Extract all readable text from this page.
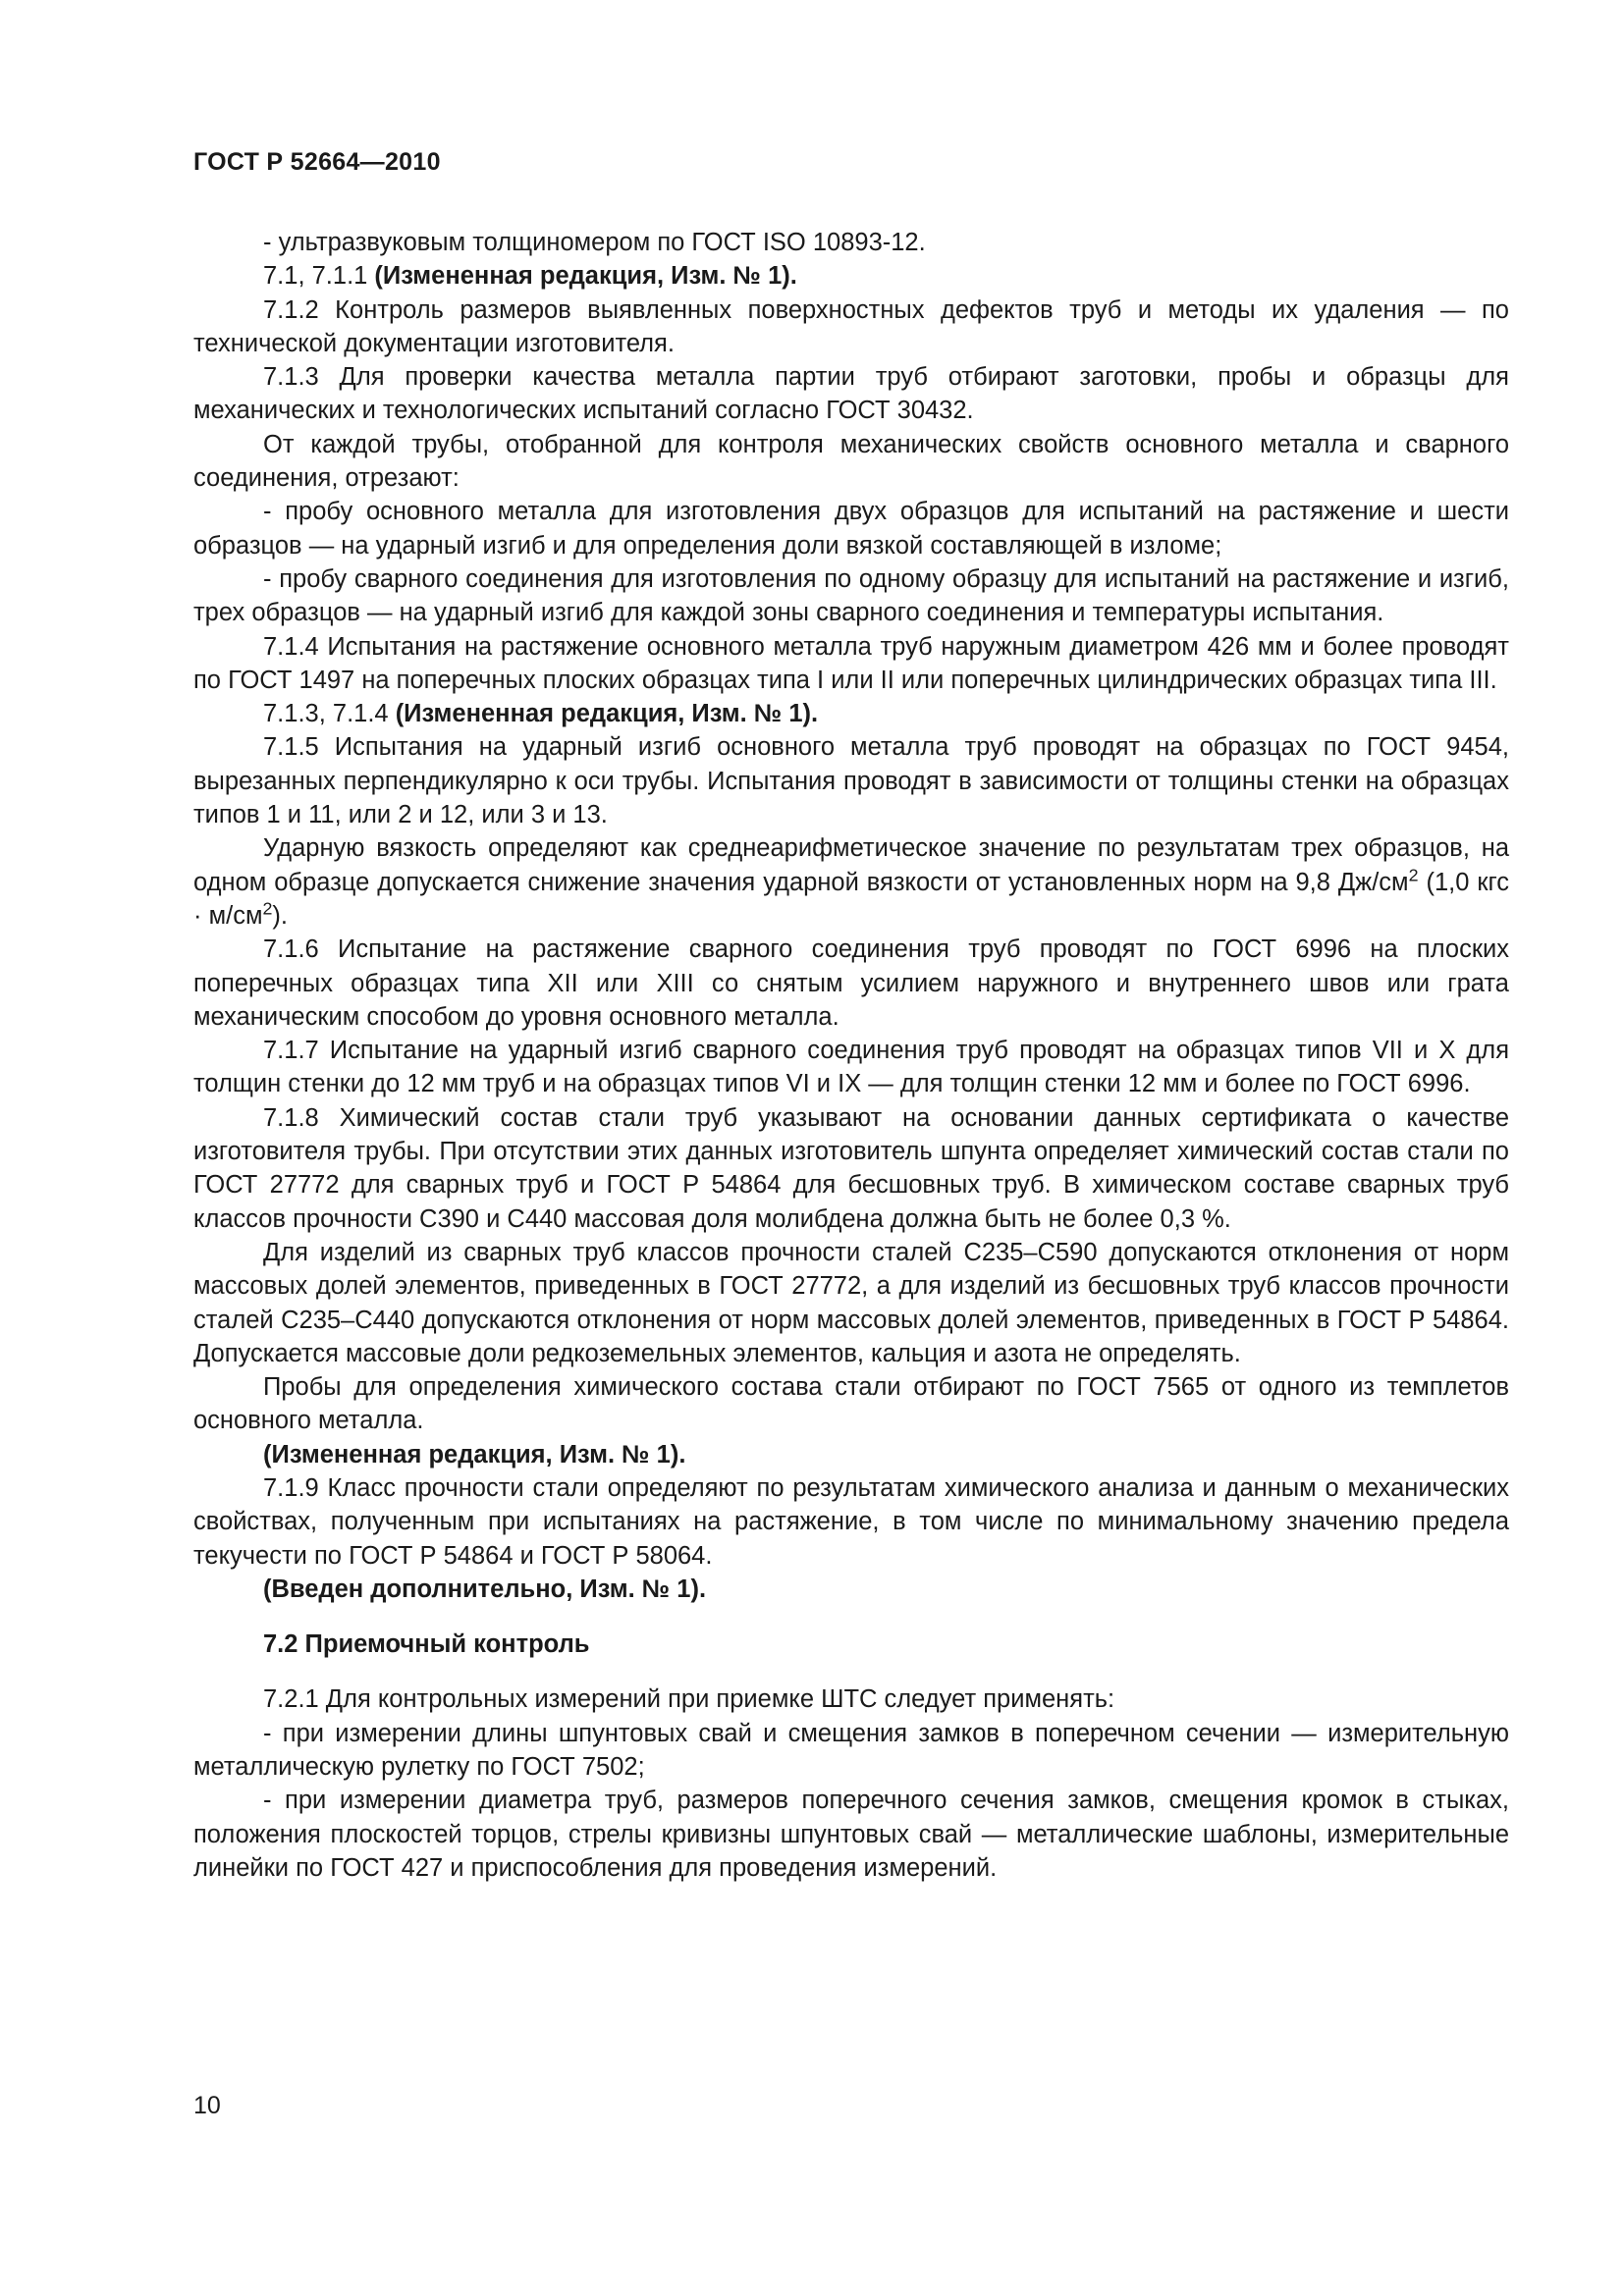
ГОСТ Р 52664—2010

- ультразвуковым толщиномером по ГОСТ ISO 10893-12.

7.1, 7.1.1 (Измененная редакция, Изм. № 1).

7.1.2 Контроль размеров выявленных поверхностных дефектов труб и методы их удаления — по технической документации изготовителя.

7.1.3 Для проверки качества металла партии труб отбирают заготовки, пробы и образцы для механических и технологических испытаний согласно ГОСТ 30432.

От каждой трубы, отобранной для контроля механических свойств основного металла и сварного соединения, отрезают:

- пробу основного металла для изготовления двух образцов для испытаний на растяжение и шести образцов — на ударный изгиб и для определения доли вязкой составляющей в изломе;

- пробу сварного соединения для изготовления по одному образцу для испытаний на растяжение и изгиб, трех образцов — на ударный изгиб для каждой зоны сварного соединения и температуры испытания.

7.1.4 Испытания на растяжение основного металла труб наружным диаметром 426 мм и более проводят по ГОСТ 1497 на поперечных плоских образцах типа I или II или поперечных цилиндрических образцах типа III.

7.1.3, 7.1.4 (Измененная редакция, Изм. № 1).

7.1.5 Испытания на ударный изгиб основного металла труб проводят на образцах по ГОСТ 9454, вырезанных перпендикулярно к оси трубы. Испытания проводят в зависимости от толщины стенки на образцах типов 1 и 11, или 2 и 12, или 3 и 13.

Ударную вязкость определяют как среднеарифметическое значение по результатам трех образцов, на одном образце допускается снижение значения ударной вязкости от установленных норм на 9,8 $Дж/см^2$ (1,0 кгс · $м/см^2$).

7.1.6 Испытание на растяжение сварного соединения труб проводят по ГОСТ 6996 на плоских поперечных образцах типа XII или XIII со снятым усилием наружного и внутреннего швов или грата механическим способом до уровня основного металла.

7.1.7 Испытание на ударный изгиб сварного соединения труб проводят на образцах типов VII и X для толщин стенки до 12 мм труб и на образцах типов VI и IX — для толщин стенки 12 мм и более по ГОСТ 6996.

7.1.8 Химический состав стали труб указывают на основании данных сертификата о качестве изготовителя трубы. При отсутствии этих данных изготовитель шпунта определяет химический состав стали по ГОСТ 27772 для сварных труб и ГОСТ Р 54864 для бесшовных труб. В химическом составе сварных труб классов прочности С390 и С440 массовая доля молибдена должна быть не более 0,3 %.

Для изделий из сварных труб классов прочности сталей С235–С590 допускаются отклонения от норм массовых долей элементов, приведенных в ГОСТ 27772, а для изделий из бесшовных труб классов прочности сталей С235–С440 допускаются отклонения от норм массовых долей элементов, приведенных в ГОСТ Р 54864. Допускается массовые доли редкоземельных элементов, кальция и азота не определять.

Пробы для определения химического состава стали отбирают по ГОСТ 7565 от одного из темплетов основного металла.

(Измененная редакция, Изм. № 1).

7.1.9 Класс прочности стали определяют по результатам химического анализа и данным о механических свойствах, полученным при испытаниях на растяжение, в том числе по минимальному значению предела текучести по ГОСТ Р 54864 и ГОСТ Р 58064.

(Введен дополнительно, Изм. № 1).

7.2 Приемочный контроль

7.2.1 Для контрольных измерений при приемке ШТС следует применять:

- при измерении длины шпунтовых свай и смещения замков в поперечном сечении — измерительную металлическую рулетку по ГОСТ 7502;

- при измерении диаметра труб, размеров поперечного сечения замков, смещения кромок в стыках, положения плоскостей торцов, стрелы кривизны шпунтовых свай — металлические шаблоны, измерительные линейки по ГОСТ 427 и приспособления для проведения измерений.

10
